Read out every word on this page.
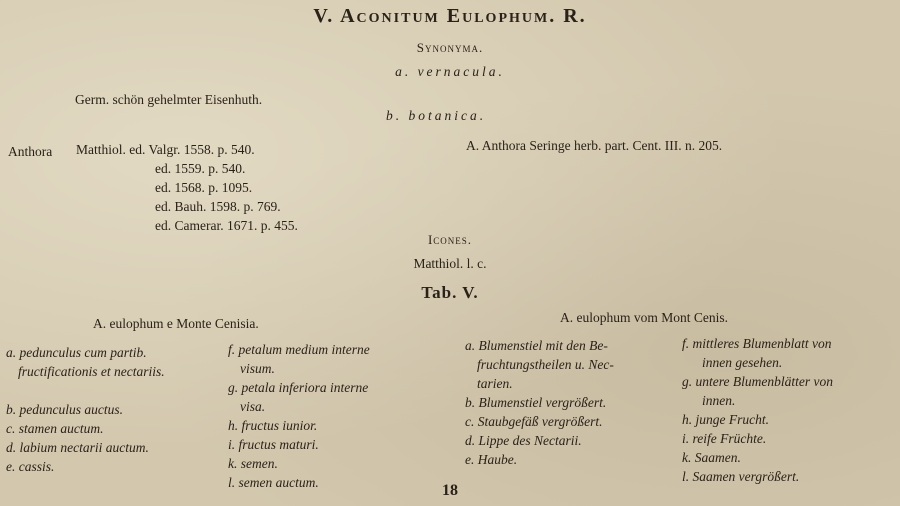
V. Aconitum Eulophum. R.
Synonyma.
a. vernacula.
Germ. schön gehelmter Eisenhuth.
b. botanica.
Anthora Matthiol. ed. Valgr. 1558. p. 540.
ed. 1559. p. 540.
ed. 1568. p. 1095.
ed. Bauh. 1598. p. 769.
ed. Camerar. 1671. p. 455.
A. Anthora Seringe herb. part. Cent. III. n. 205.
Icones.
Matthiol. l. c.
Tab. V.
A. eulophum e Monte Cenisia.	A. eulophum vom Mont Cenis.
a. pedunculus cum partib.
fructificationis et nectariis.
b. pedunculus auctus.
c. stamen auctum.
d. labium nectarii auctum.
e. cassis.
f. petalum medium interne
visum.
g. petala inferiora interne
visa.
h. fructus iunior.
i. fructus maturi.
k. semen.
l. semen auctum.
a. Blumenstiel mit den Be-
fruchtungstheilen u. Nec-
tarien.
b. Blumenstiel vergrößert.
c. Staubgefäß vergrößert.
d. Lippe des Nectarii.
e. Haube.
f. mittleres Blumenblatt von
innen gesehen.
g. untere Blumenblätter von
innen.
h. junge Frucht.
i. reife Früchte.
k. Saamen.
l. Saamen vergrößert.
18
